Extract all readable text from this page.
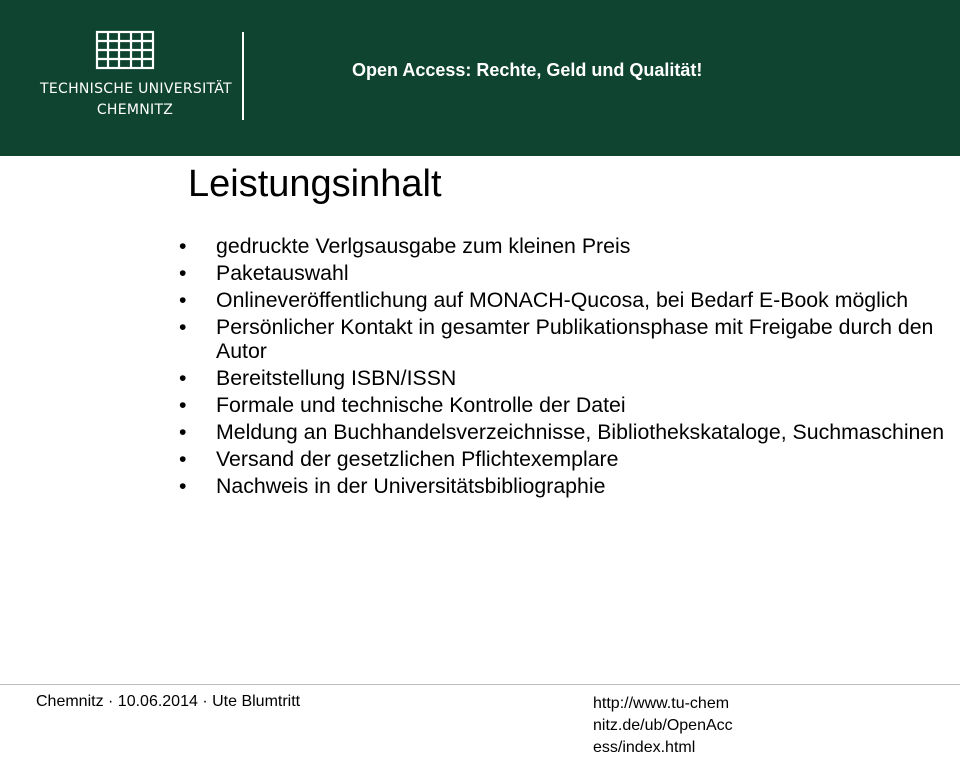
TECHNISCHE UNIVERSITÄT
CHEMNITZ
Open Access: Rechte, Geld und Qualität!
Leistungsinhalt
• gedruckte Verlgsausgabe zum kleinen Preis
• Paketauswahl
• Onlineveröffentlichung auf MONACH-Qucosa, bei Bedarf E-Book möglich
• Persönlicher Kontakt in gesamter Publikationsphase mit Freigabe durch den Autor
• Bereitstellung ISBN/ISSN
• Formale und technische Kontrolle der Datei
• Meldung an Buchhandelsverzeichnisse, Bibliothekskataloge, Suchmaschinen
• Versand der gesetzlichen Pflichtexemplare
• Nachweis in der Universitätsbibliographie
Chemnitz · 10.06.2014 · Ute Blumtritt	http://www.tu-chemnitz.de/ub/OpenAccess/index.html
